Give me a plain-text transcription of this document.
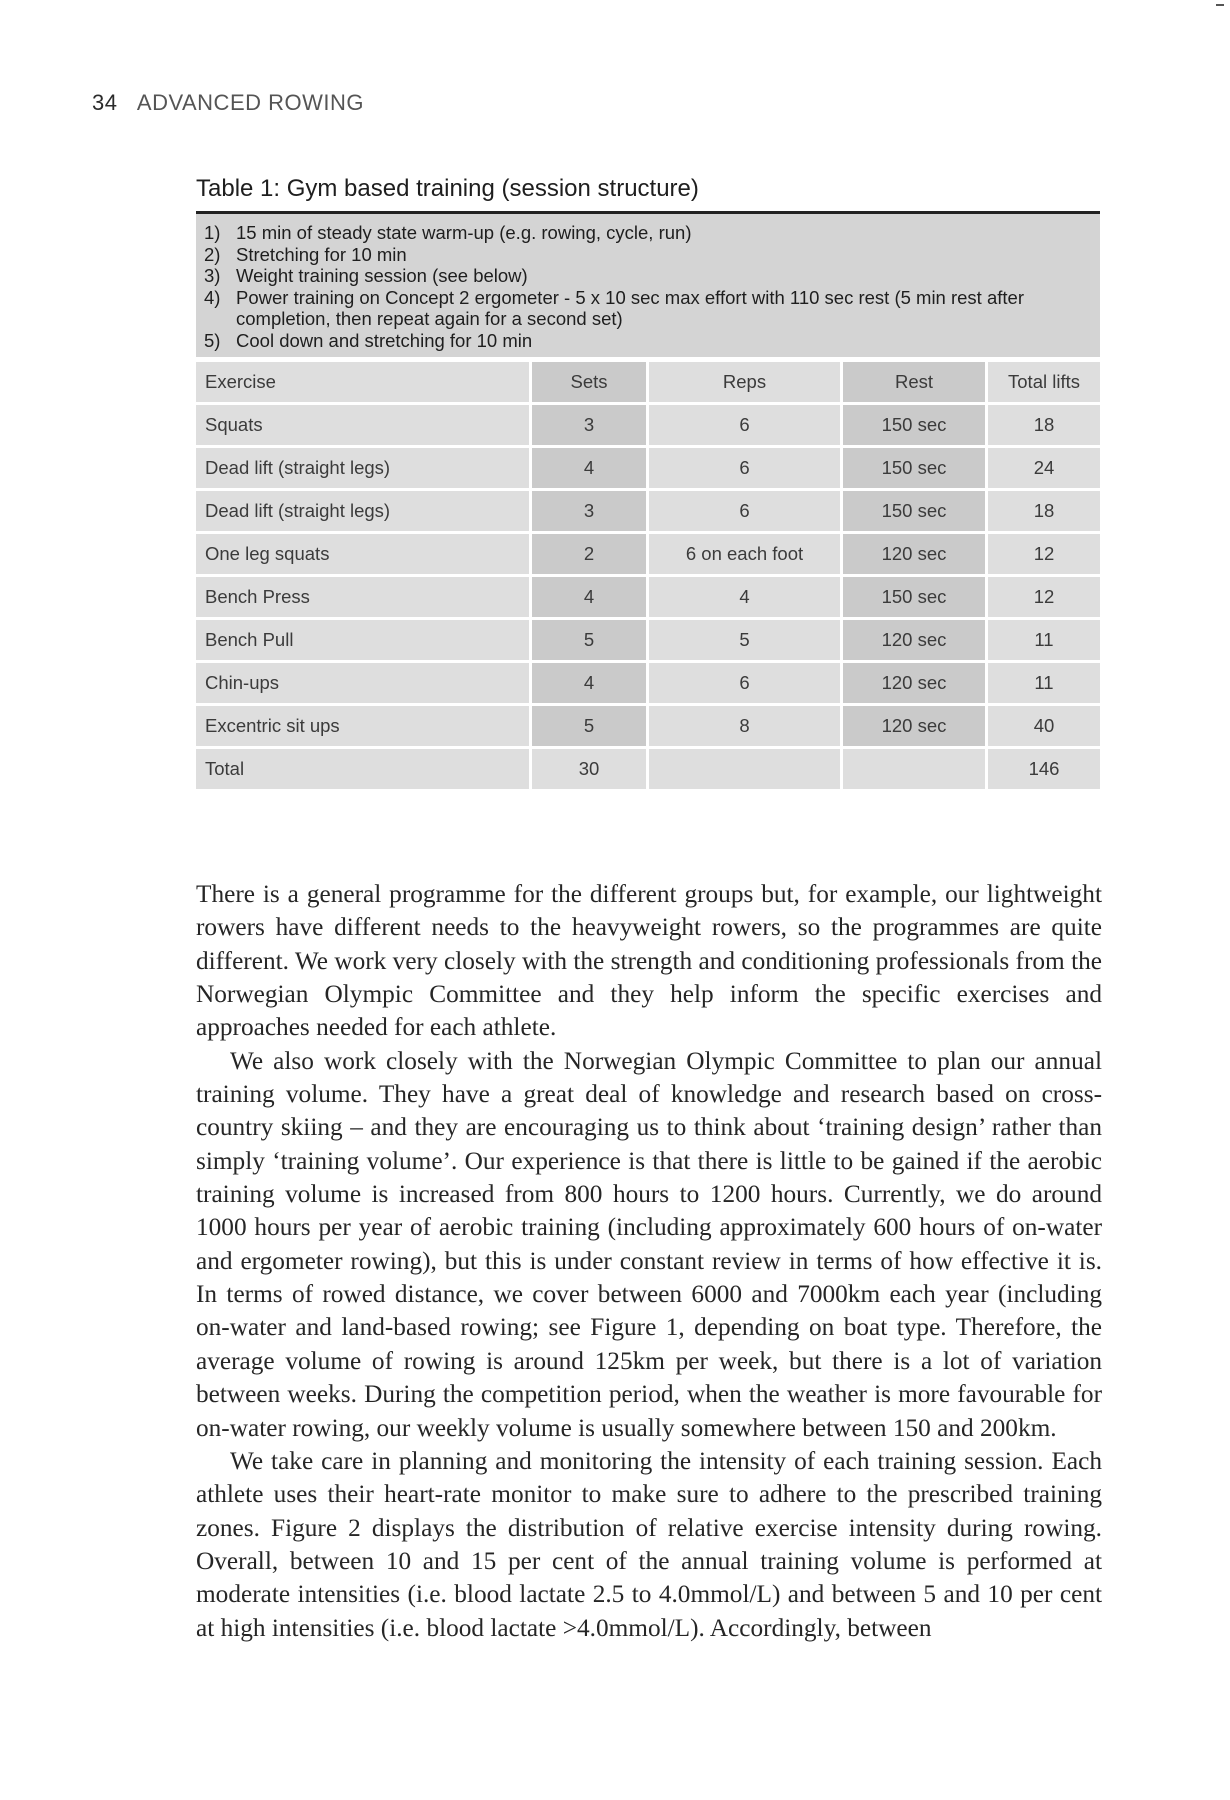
34 ADVANCED ROWING
Table 1: Gym based training (session structure)
1) 15 min of steady state warm-up (e.g. rowing, cycle, run)
2) Stretching for 10 min
3) Weight training session (see below)
4) Power training on Concept 2 ergometer - 5 x 10 sec max effort with 110 sec rest (5 min rest after completion, then repeat again for a second set)
5) Cool down and stretching for 10 min
Exercise	Sets	Reps	Rest	Total lifts
Squats	3	6	150 sec	18
Dead lift (straight legs)	4	6	150 sec	24
Dead lift (straight legs)	3	6	150 sec	18
One leg squats	2	6 on each foot	120 sec	12
Bench Press	4	4	150 sec	12
Bench Pull	5	5	120 sec	11
Chin-ups	4	6	120 sec	11
Excentric sit ups	5	8	120 sec	40
Total	30			146

There is a general programme for the different groups but, for example, our lightweight rowers have different needs to the heavyweight rowers, so the programmes are quite different. We work very closely with the strength and conditioning professionals from the Norwegian Olympic Committee and they help inform the specific exercises and approaches needed for each athlete.

We also work closely with the Norwegian Olympic Committee to plan our annual training volume. They have a great deal of knowledge and research based on cross-country skiing – and they are encouraging us to think about ‘training design’ rather than simply ‘training volume’. Our experience is that there is little to be gained if the aerobic training volume is increased from 800 hours to 1200 hours. Currently, we do around 1000 hours per year of aerobic training (including approximately 600 hours of on-water and ergometer rowing), but this is under constant review in terms of how effective it is. In terms of rowed distance, we cover between 6000 and 7000km each year (including on-water and land-based rowing; see Figure 1, depending on boat type. Therefore, the average volume of rowing is around 125km per week, but there is a lot of variation between weeks. During the competition period, when the weather is more favourable for on-water rowing, our weekly volume is usually somewhere between 150 and 200km.

We take care in planning and monitoring the intensity of each training session. Each athlete uses their heart-rate monitor to make sure to adhere to the prescribed training zones. Figure 2 displays the distribution of relative exercise intensity during rowing. Overall, between 10 and 15 per cent of the annual training volume is performed at moderate intensities (i.e. blood lactate 2.5 to 4.0mmol/L) and between 5 and 10 per cent at high intensities (i.e. blood lactate >4.0mmol/L). Accordingly, between
